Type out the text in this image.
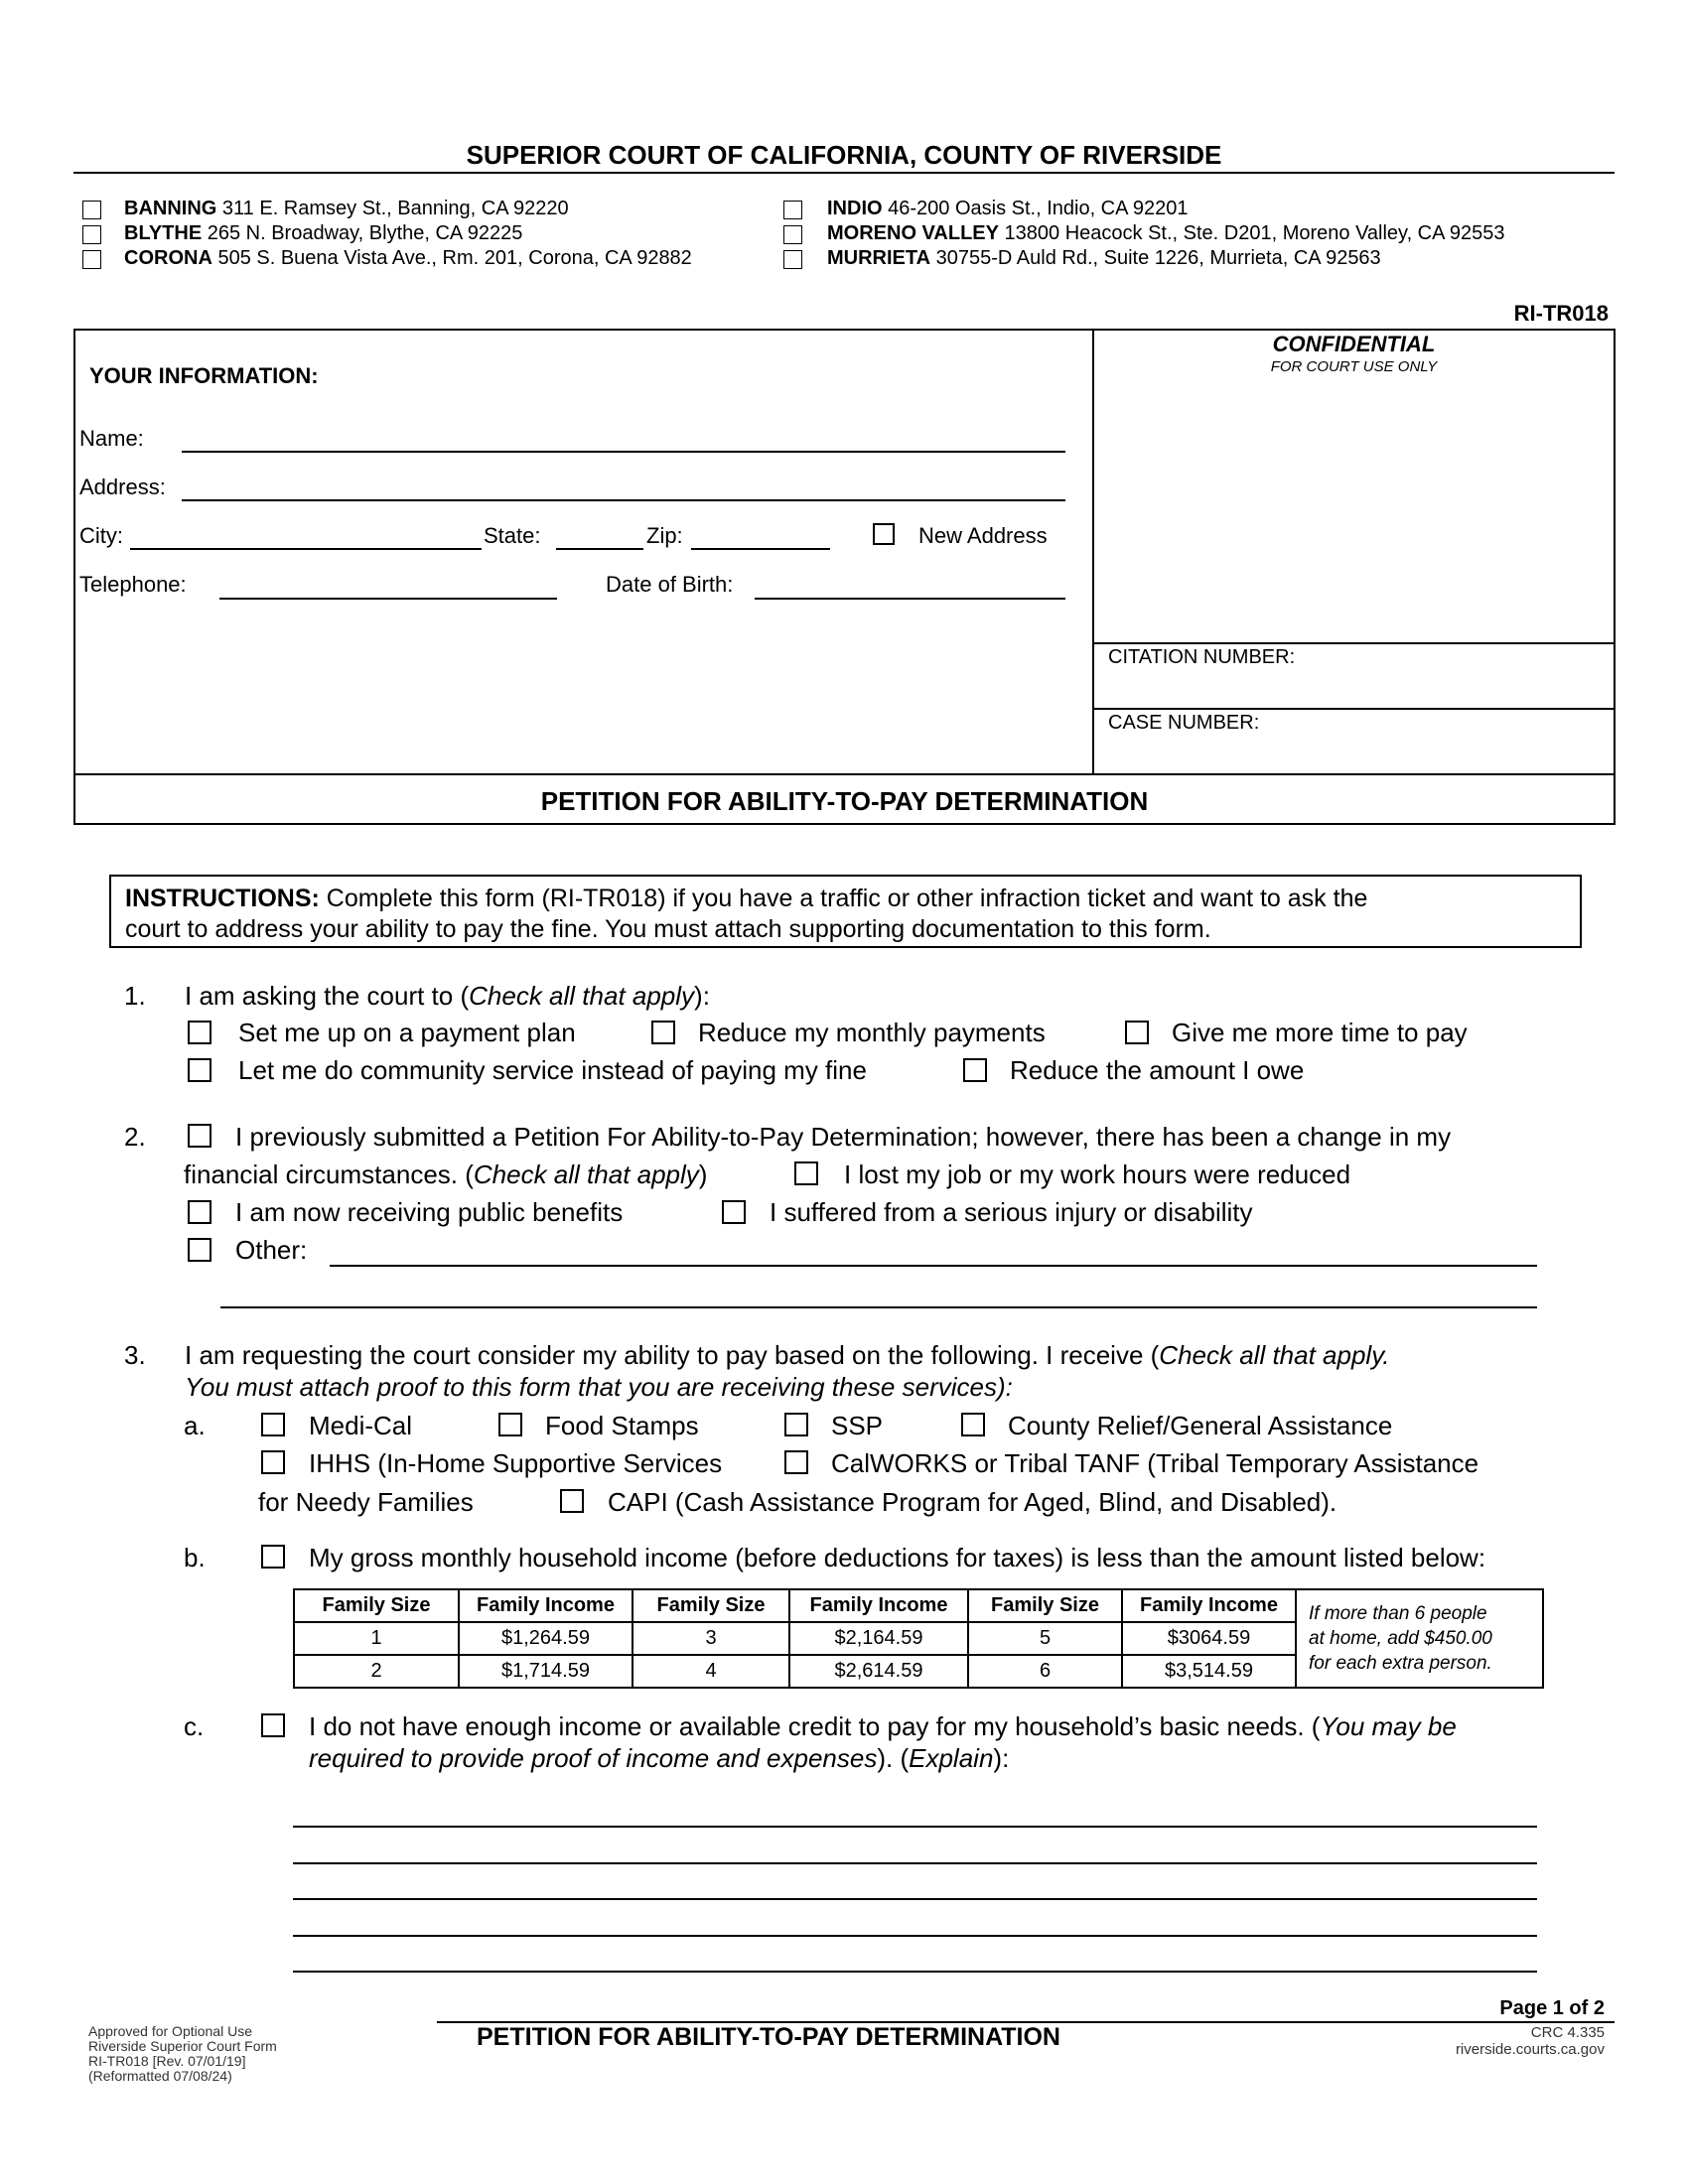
SUPERIOR COURT OF CALIFORNIA, COUNTY OF RIVERSIDE
BANNING 311 E. Ramsey St., Banning, CA 92220
BLYTHE 265 N. Broadway, Blythe, CA 92225
CORONA 505 S. Buena Vista Ave., Rm. 201, Corona, CA 92882
INDIO 46-200 Oasis St., Indio, CA 92201
MORENO VALLEY 13800 Heacock St., Ste. D201, Moreno Valley, CA 92553
MURRIETA 30755-D Auld Rd., Suite 1226, Murrieta, CA 92563
RI-TR018
YOUR INFORMATION:
Name:
Address:
City:	State:	Zip:	New Address
Telephone:	Date of Birth:
CONFIDENTIAL
FOR COURT USE ONLY
CITATION NUMBER:
CASE NUMBER:
PETITION FOR ABILITY-TO-PAY DETERMINATION
INSTRUCTIONS: Complete this form (RI-TR018) if you have a traffic or other infraction ticket and want to ask the
court to address your ability to pay the fine. You must attach supporting documentation to this form.
1. I am asking the court to (Check all that apply):
Set me up on a payment plan	Reduce my monthly payments	Give me more time to pay
Let me do community service instead of paying my fine	Reduce the amount I owe
2.	I previously submitted a Petition For Ability-to-Pay Determination; however, there has been a change in my
financial circumstances. (Check all that apply)	I lost my job or my work hours were reduced
I am now receiving public benefits	I suffered from a serious injury or disability
Other:
3. I am requesting the court consider my ability to pay based on the following. I receive (Check all that apply.
You must attach proof to this form that you are receiving these services):
a.	Medi-Cal	Food Stamps	SSP	County Relief/General Assistance
IHHS (In-Home Supportive Services	CalWORKS or Tribal TANF (Tribal Temporary Assistance
for Needy Families	CAPI (Cash Assistance Program for Aged, Blind, and Disabled).
b.	My gross monthly household income (before deductions for taxes) is less than the amount listed below:
Family Size	Family Income	Family Size	Family Income	Family Size	Family Income	If more than 6 people
at home, add $450.00
for each extra person.

1	$1,264.59	3	$2,164.59	5	$3064.59	
2	$1,714.59	4	$2,614.59	6	$3,514.59	
c.	I do not have enough income or available credit to pay for my household’s basic needs. (You may be
required to provide proof of income and expenses). (Explain):
Page 1 of 2
Approved for Optional Use
Riverside Superior Court Form
RI-TR018 [Rev. 07/01/19]
(Reformatted 07/08/24)
PETITION FOR ABILITY-TO-PAY DETERMINATION	CRC 4.335
riverside.courts.ca.gov
